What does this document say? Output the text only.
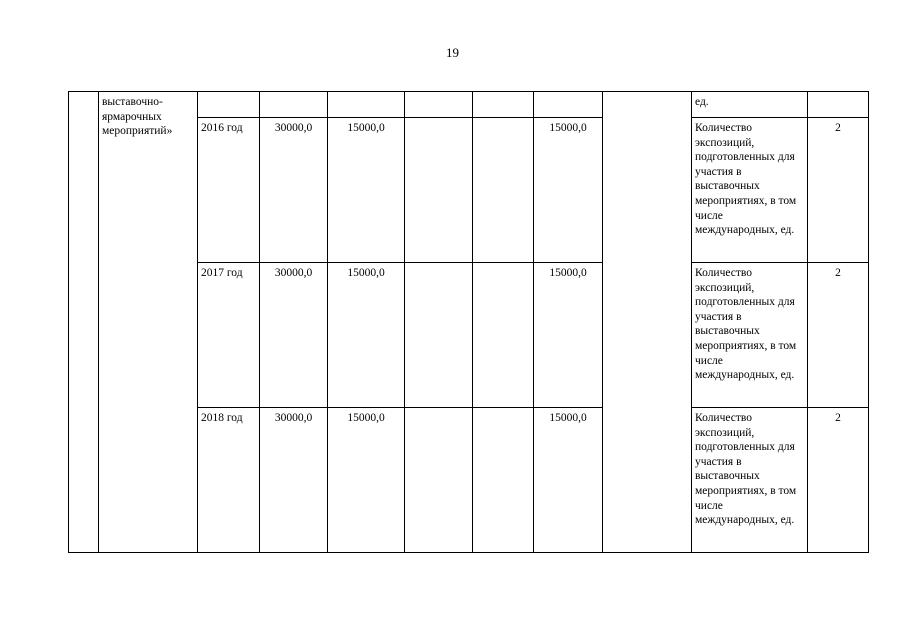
19
	выставочно-ярмарочных мероприятий»								ед.	
		2016 год	30000,0	15000,0			15000,0		Количество экспозиций, подготовленных для участия в выставочных мероприятиях, в том числе международных, ед.	2
		2017 год	30000,0	15000,0			15000,0		Количество экспозиций, подготовленных для участия в выставочных мероприятиях, в том числе международных, ед.	2
		2018 год	30000,0	15000,0			15000,0		Количество экспозиций, подготовленных для участия в выставочных мероприятиях, в том числе международных, ед.	2
